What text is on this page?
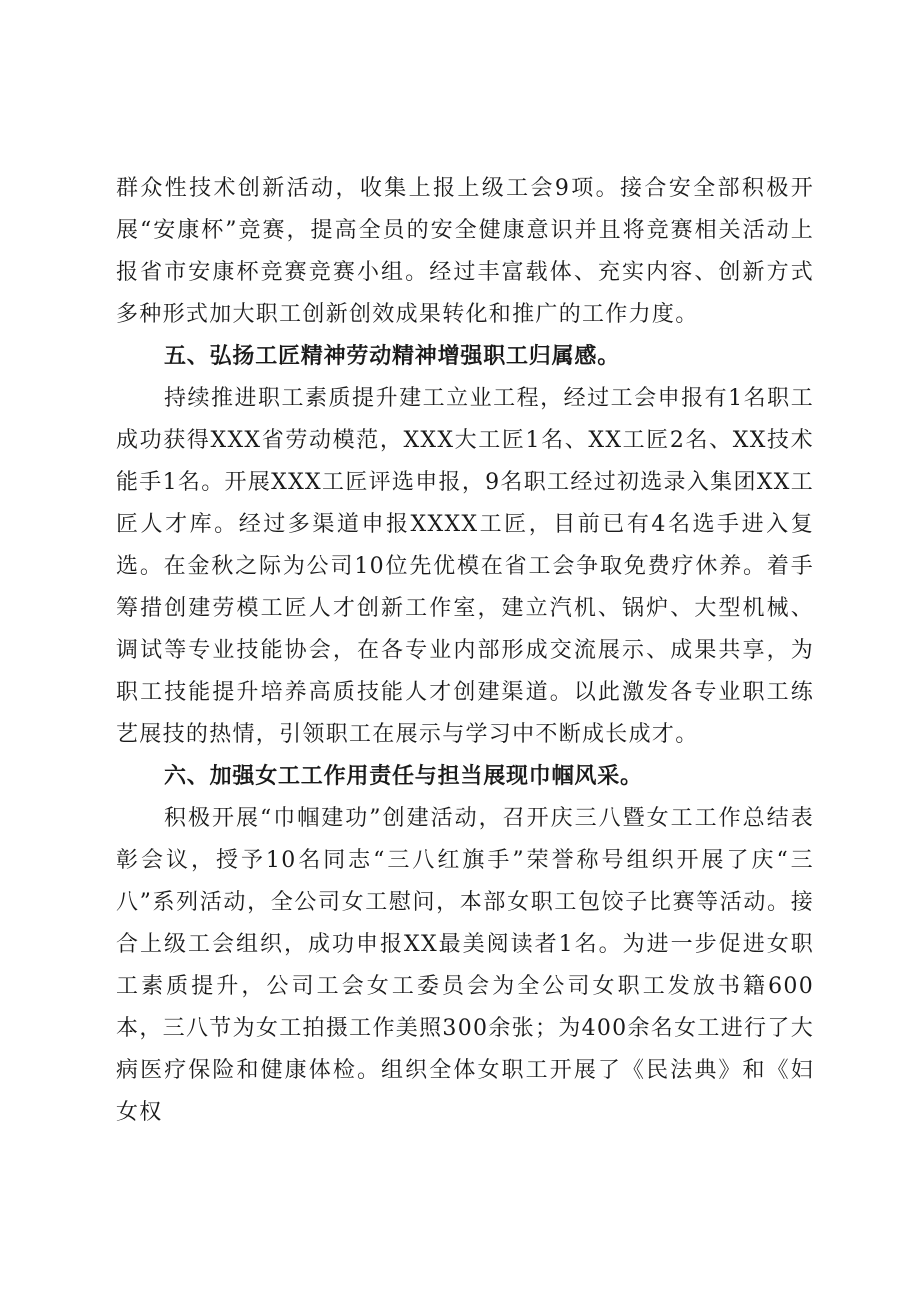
群众性技术创新活动，收集上报上级工会9项。接合安全部积极开展“安康杯”竞赛，提高全员的安全健康意识并且将竞赛相关活动上报省市安康杯竞赛竞赛小组。经过丰富载体、充实内容、创新方式多种形式加大职工创新创效成果转化和推广的工作力度。

五、弘扬工匠精神劳动精神增强职工归属感。

持续推进职工素质提升建工立业工程，经过工会申报有1名职工成功获得XXX省劳动模范，XXX大工匠1名、XX工匠2名、XX技术能手1名。开展XXX工匠评选申报，9名职工经过初选录入集团XX工匠人才库。经过多渠道申报XXXX工匠，目前已有4名选手进入复选。在金秋之际为公司10位先优模在省工会争取免费疗休养。着手筹措创建劳模工匠人才创新工作室，建立汽机、锅炉、大型机械、调试等专业技能协会，在各专业内部形成交流展示、成果共享，为职工技能提升培养高质技能人才创建渠道。以此激发各专业职工练艺展技的热情，引领职工在展示与学习中不断成长成才。

六、加强女工工作用责任与担当展现巾帼风采。

积极开展“巾帼建功”创建活动，召开庆三八暨女工工作总结表彰会议，授予10名同志“三八红旗手”荣誉称号组织开展了庆“三八”系列活动，全公司女工慰问，本部女职工包饺子比赛等活动。接合上级工会组织，成功申报XX最美阅读者1名。为进一步促进女职工素质提升，公司工会女工委员会为全公司女职工发放书籍600本，三八节为女工拍摄工作美照300余张；为400余名女工进行了大病医疗保险和健康体检。组织全体女职工开展了《民法典》和《妇女权
